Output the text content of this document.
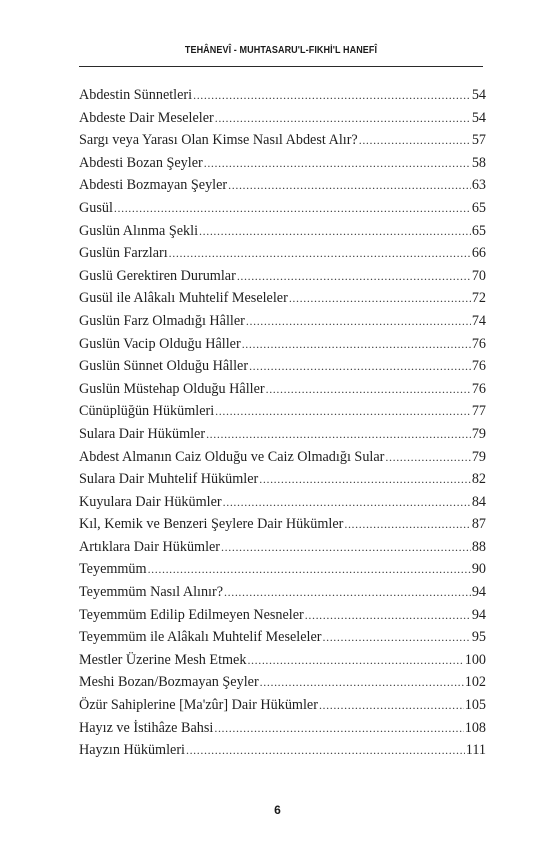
TEHÂNEVÎ - MUHTASARU'L-FIKHİ'L HANEFÎ
Abdestin Sünnetleri .....	54
Abdeste Dair Meseleler .....	54
Sargı veya Yarası Olan Kimse Nasıl Abdest Alır? .....	57
Abdesti Bozan Şeyler .....	58
Abdesti Bozmayan Şeyler .....	63
Gusül .....	65
Guslün Alınma Şekli .....	65
Guslün Farzları .....	66
Guslü Gerektiren Durumlar .....	70
Gusül ile Alâkalı Muhtelif Meseleler .....	72
Guslün Farz Olmadığı Hâller .....	74
Guslün Vacip Olduğu Hâller .....	76
Guslün Sünnet Olduğu Hâller .....	76
Guslün Müstehap Olduğu Hâller .....	76
Cünüplüğün Hükümleri .....	77
Sulara Dair Hükümler .....	79
Abdest Almanın Caiz Olduğu ve Caiz Olmadığı Sular .....	79
Sulara Dair Muhtelif Hükümler .....	82
Kuyulara Dair Hükümler .....	84
Kıl, Kemik ve Benzeri Şeylere Dair Hükümler .....	87
Artıklara Dair Hükümler .....	88
Teyemmüm .....	90
Teyemmüm Nasıl Alınır? .....	94
Teyemmüm Edilip Edilmeyen Nesneler .....	94
Teyemmüm ile Alâkalı Muhtelif Meseleler .....	95
Mestler Üzerine Mesh Etmek .....	100
Meshi Bozan/Bozmayan Şeyler .....	102
Özür Sahiplerine [Ma'zûr] Dair Hükümler .....	105
Hayız ve İstihâze Bahsi .....	108
Hayzın Hükümleri .....	111
6
